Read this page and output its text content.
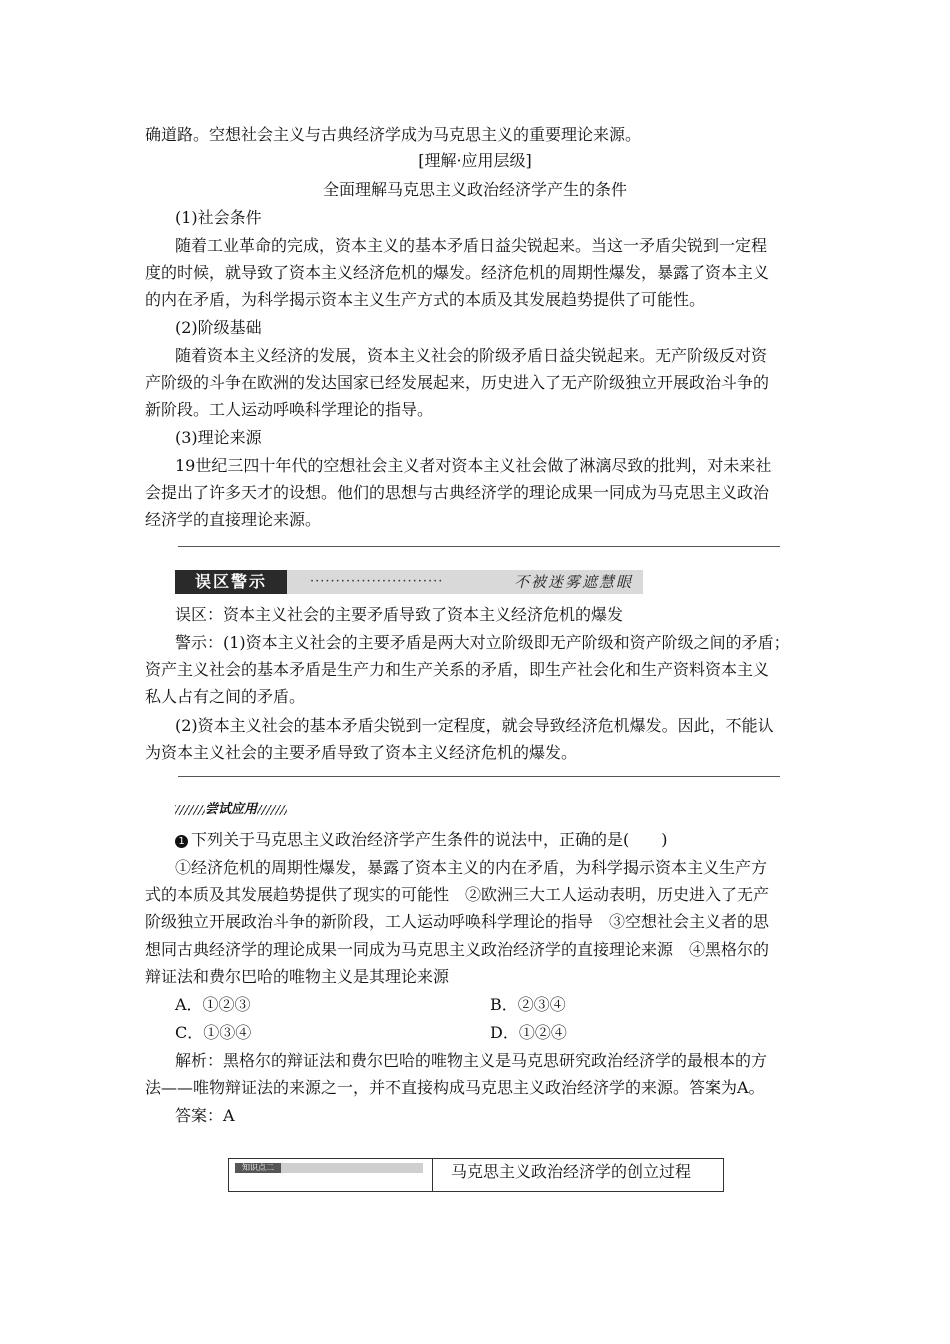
确道路。空想社会主义与古典经济学成为马克思主义的重要理论来源。
[理解·应用层级]
全面理解马克思主义政治经济学产生的条件
(1)社会条件
随着工业革命的完成，资本主义的基本矛盾日益尖锐起来。当这一矛盾尖锐到一定程
度的时候，就导致了资本主义经济危机的爆发。经济危机的周期性爆发，暴露了资本主义
的内在矛盾，为科学揭示资本主义生产方式的本质及其发展趋势提供了可能性。
(2)阶级基础
随着资本主义经济的发展，资本主义社会的阶级矛盾日益尖锐起来。无产阶级反对资
产阶级的斗争在欧洲的发达国家已经发展起来，历史进入了无产阶级独立开展政治斗争的
新阶段。工人运动呼唤科学理论的指导。
(3)理论来源
19世纪三四十年代的空想社会主义者对资本主义社会做了淋漓尽致的批判，对未来社
会提出了许多天才的设想。他们的思想与古典经济学的理论成果一同成为马克思主义政治
经济学的直接理论来源。
误区警示	··························	不被迷雾遮慧眼
误区：资本主义社会的主要矛盾导致了资本主义经济危机的爆发
警示：(1)资本主义社会的主要矛盾是两大对立阶级即无产阶级和资产阶级之间的矛盾；
资产主义社会的基本矛盾是生产力和生产关系的矛盾，即生产社会化和生产资料资本主义
私人占有之间的矛盾。
(2)资本主义社会的基本矛盾尖锐到一定程度，就会导致经济危机爆发。因此，不能认
为资本主义社会的主要矛盾导致了资本主义经济危机的爆发。
尝试应用
1 下列关于马克思主义政治经济学产生条件的说法中，正确的是(　　)
①经济危机的周期性爆发，暴露了资本主义的内在矛盾，为科学揭示资本主义生产方
式的本质及其发展趋势提供了现实的可能性　②欧洲三大工人运动表明，历史进入了无产
阶级独立开展政治斗争的新阶段，工人运动呼唤科学理论的指导　③空想社会主义者的思
想同古典经济学的理论成果一同成为马克思主义政治经济学的直接理论来源　④黑格尔的
辩证法和费尔巴哈的唯物主义是其理论来源
A．①②③	B．②③④
C．①③④	D．①②④
解析：黑格尔的辩证法和费尔巴哈的唯物主义是马克思研究政治经济学的最根本的方
法——唯物辩证法的来源之一，并不直接构成马克思主义政治经济学的来源。答案为A。
答案：A
知识点二	马克思主义政治经济学的创立过程
